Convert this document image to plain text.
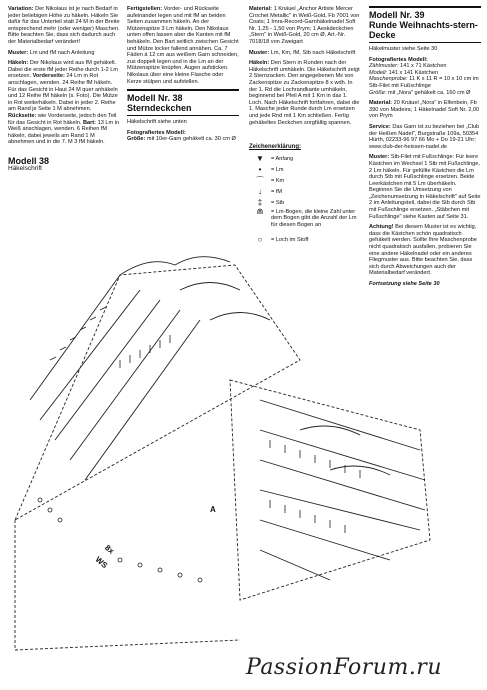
Variation: Der Nikolaus ist je nach Bedarf in jeder beliebigen Höhe zu häkeln. Häkeln Sie dafür für das Unterteil statt 24 M in der Breite entsprechend mehr (oder weniger) Maschen. Bitte beachten Sie, dass sich dadurch auch der Materialbedarf verändert!

Muster: Lm und fM nach Anleitung

Häkeln: Der Nikolaus wird aus fM gehäkelt. Dabei die erste fM jeder Reihe durch 1-2 Lm ersetzen. Vorderseite: 24 Lm in Rot anschlagen, wenden. 24 Reihe fM häkeln. Für das Gesicht in Haut 24 M quer anhäkeln und 12 Reihe fM häkeln (s. Foto). Die Mütze in Rot weiterhäkeln. Dabei in jeder 2. Reihe am Rand je Seite 1 M abnehmen. Rückseite: wie Vorderseite, jedoch den Teil für das Gesicht in Rot häkeln. Bart: 13 Lm in Weiß anschlagen, wenden. 6 Reihen fM häkeln, dabei jeweils am Rand 1 M abnehmen und in die 7. M 3 fM häkeln.

Modell 38
Häkelschrift

Fertigstellen: Vorder- und Rückseite aufeinander legen und mit fM an beiden Seiten zusammen häkeln. An der Mützenspitze 3 Lm häkeln. Den Nikolaus unten offen lassen aber die Kanten mit fM behäkeln. Den Bart seitlich zwischen Gesicht und Mütze locker fallend annähen. Ca. 7 Fäden á 12 cm aus weißem Garn schneiden, zus doppelt legen und in die Lm an der Mützenspitze knüpfen. Augen aufsticken. Nikolaus über eine kleine Flasche oder Kerze stülpen und aufstellen.

Modell Nr. 38
Sterndeckchen

Häkelschrift siehe unten

Fotografiertes Modell:
Größe: mit 10er-Garn gehäkelt ca. 30 cm Ø

Material: 1 Knäuel „Anchor Artiste Mercer Crochet Metallic" in Weiß-Gold, Fb 7001 von Coats; 1 Imra-Record-Garnhäkelnadel Soft Nr. 1,25 - 1,50 von Prym; 1 Aeskdeckchen „Stern" in Weiß-Gold, 20 cm Ø, Art.-Nr. 7018/18 von Zweigart

Muster: Lm, Km, fM, Stb nach Häkelschrift

Häkeln: Den Stern in Runden nach der Häkelschrift umhäkeln. Die Häkelschrift zeigt 2 Sternzacken. Den angegebenen Ms von Zackenspitze zu Zackenspitze 8 x wdh. In der 1. Rd die Lochrandkante umhäkeln, beginnend bei Pfeil A mit 1 Km in das 1. Loch. Nach Häkelschrift fortfahren, dabei die 1. Masche jeder Runde durch Lm ersetzen und jede Rnd mit 1 Km schließen. Fertig gehäkeltes Deckchen sorgfältig spannen.

Zeichenerklärung:
▼	= Anfang
•	= Lm
⌒	= Km
↓	= fM
‡	= Stb
⋒	= Lm-Bogen, die kleine Zahl unter dem Bogen gibt die Anzahl der Lm für diesen Bogen an
○	= Loch im Stoff
Modell Nr. 39
Runde Weihnachts-stern-Decke

Häkelmuster siehe Seite 30

Fotografiertes Modell:
Zählmuster: 141 x 71 Kästchen
Modell: 141 x 141 Kästchen
Maschenprobe: 11 K x 11 R = 10 x 10 cm im Stb-Filet mit Fußschlinge
Größe: mit „Nora" gehäkelt ca. 160 cm Ø

Material: 20 Knäuel „Nora" in Elfenbein, Fb 390 von Madeira; 1 Häkelnadel Soft Nr. 2,00 von Prym

Service: Das Garn ist zu beziehen bei „Club der Heißen Nadel", Burgstraße 109a, 50354 Hürth, 02233-96 97 66 Mo + Do 19-21 Uhr; www.club-der-heissen-nadel.de

Muster: Stb-Filet mit Fußschlinge: Für leere Kästchen im Wechsel 1 Stb mit Fußschlinge, 2 Lm häkeln. Für gefüllte Kästchen die Lm durch Stb mit Fußschlinge ersetzen. Beide Leerkästchen mit 5 Lm überhäkeln. Beginnen Sie die Umsetzung von „Zeichenumsetzung in Häkelschrift" auf Seite 2 im Anleitungsteil, dabei die Stb durch Stb mit Fußschlinge ersetzen. „Stäbchen mit Fußschlinge" siehe Kasten auf Seite 31.

Achtung! Bei diesem Muster ist es wichtig, dass die Kästchen schön quadratisch gehäkelt werden. Sollte Ihre Maschenprobe nicht quadratisch ausfallen, probieren Sie eine andere Häkelnadel oder ein anderes Fliegmuster aus. Bitte beachten Sie, dass sich durch Abweichungen auch der Materialbedarf verändert.

Fortsetzung siehe Seite 30

8x
WS
A
PassionForum.ru
